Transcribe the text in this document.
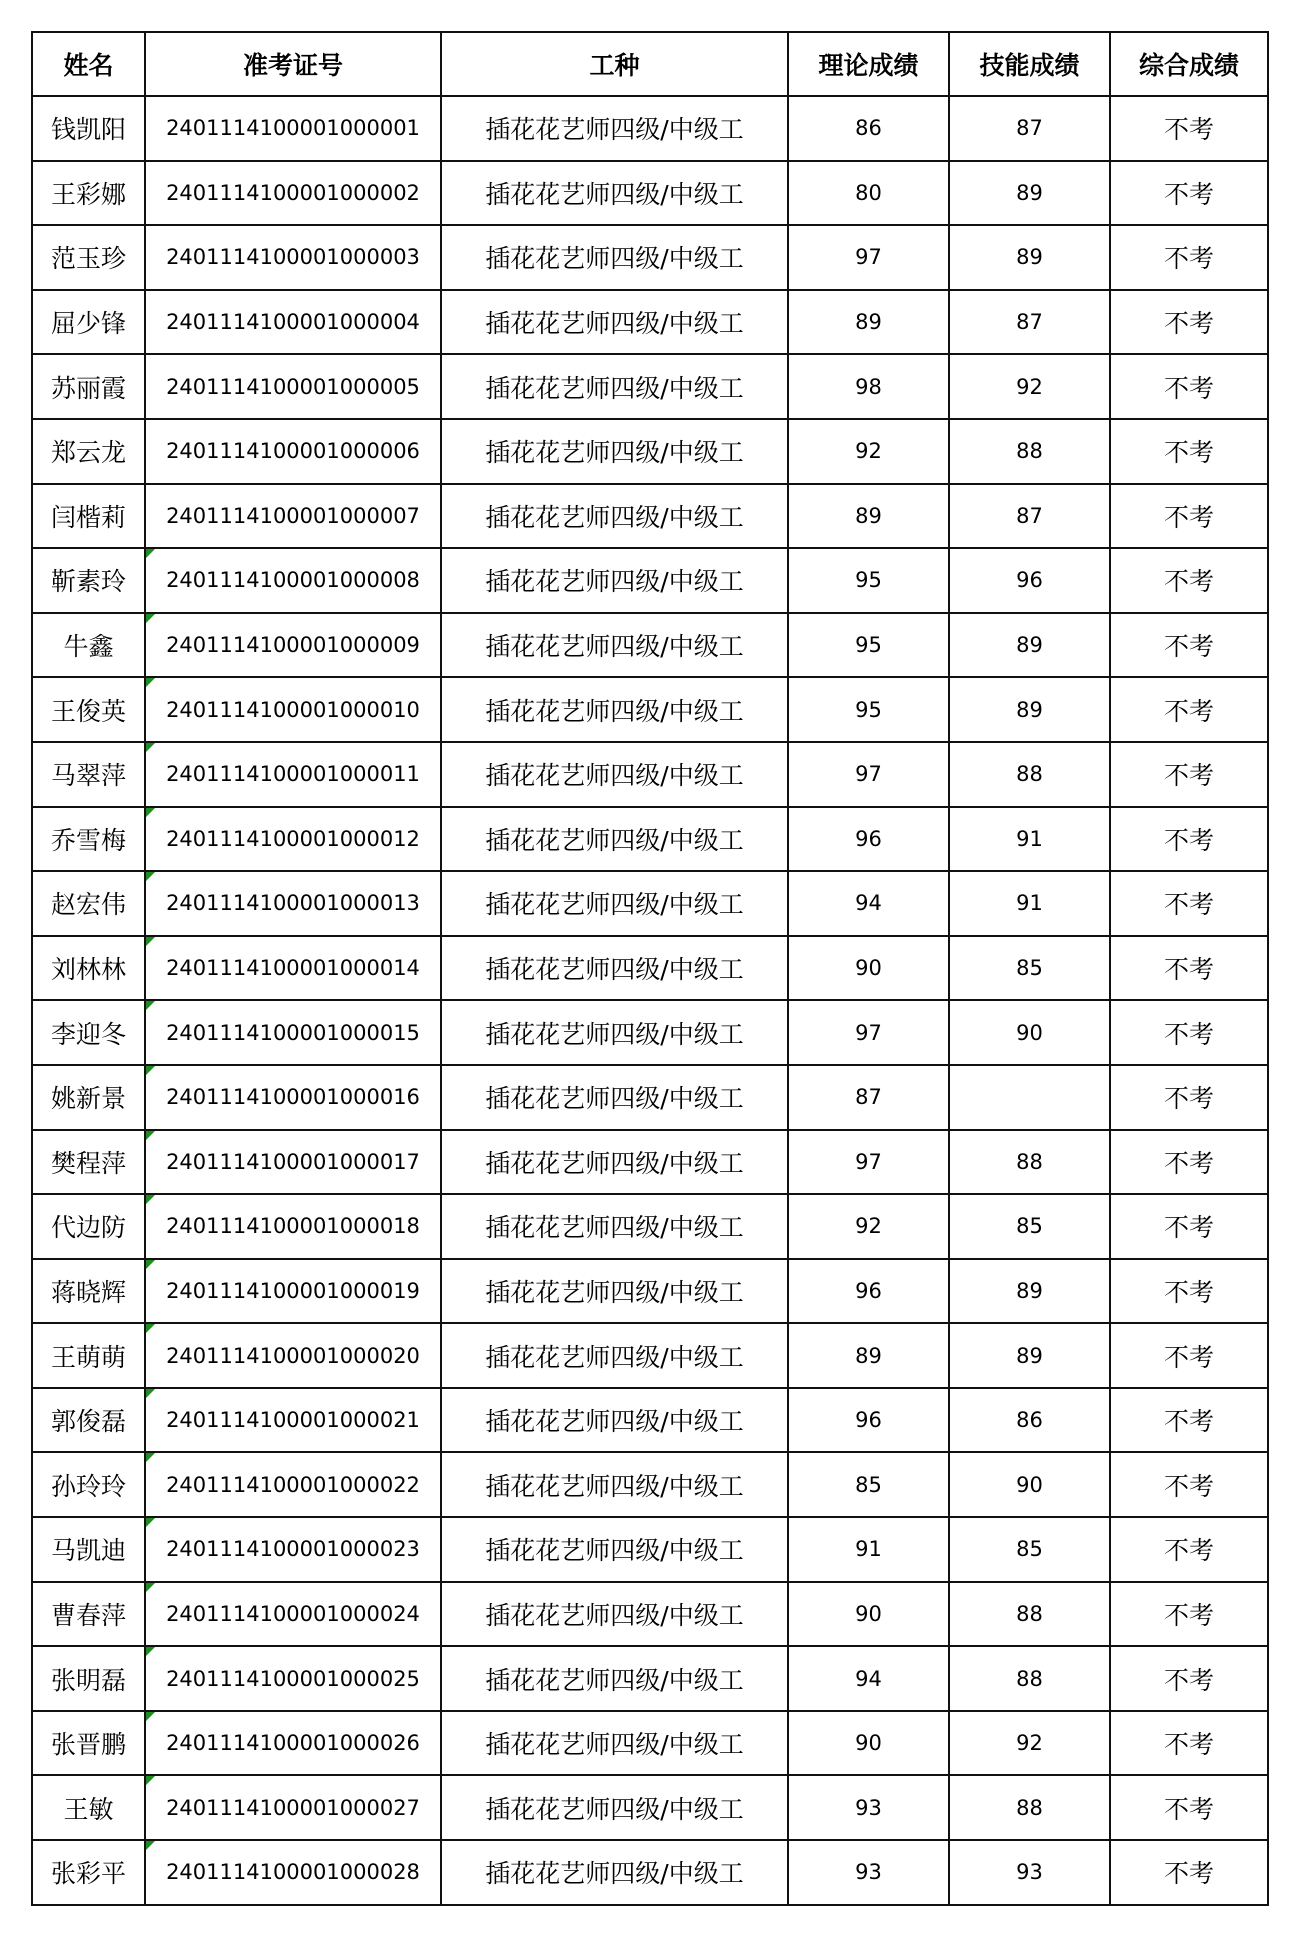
姓名	准考证号	工种	理论成绩	技能成绩	综合成绩
钱凯阳	2401114100001000001	插花花艺师四级/中级工	86	87	不考
王彩娜	2401114100001000002	插花花艺师四级/中级工	80	89	不考
范玉珍	2401114100001000003	插花花艺师四级/中级工	97	89	不考
屈少锋	2401114100001000004	插花花艺师四级/中级工	89	87	不考
苏丽霞	2401114100001000005	插花花艺师四级/中级工	98	92	不考
郑云龙	2401114100001000006	插花花艺师四级/中级工	92	88	不考
闫楷莉	2401114100001000007	插花花艺师四级/中级工	89	87	不考
靳素玲	2401114100001000008	插花花艺师四级/中级工	95	96	不考
牛鑫	2401114100001000009	插花花艺师四级/中级工	95	89	不考
王俊英	2401114100001000010	插花花艺师四级/中级工	95	89	不考
马翠萍	2401114100001000011	插花花艺师四级/中级工	97	88	不考
乔雪梅	2401114100001000012	插花花艺师四级/中级工	96	91	不考
赵宏伟	2401114100001000013	插花花艺师四级/中级工	94	91	不考
刘林林	2401114100001000014	插花花艺师四级/中级工	90	85	不考
李迎冬	2401114100001000015	插花花艺师四级/中级工	97	90	不考
姚新景	2401114100001000016	插花花艺师四级/中级工	87		不考
樊程萍	2401114100001000017	插花花艺师四级/中级工	97	88	不考
代边防	2401114100001000018	插花花艺师四级/中级工	92	85	不考
蒋晓辉	2401114100001000019	插花花艺师四级/中级工	96	89	不考
王萌萌	2401114100001000020	插花花艺师四级/中级工	89	89	不考
郭俊磊	2401114100001000021	插花花艺师四级/中级工	96	86	不考
孙玲玲	2401114100001000022	插花花艺师四级/中级工	85	90	不考
马凯迪	2401114100001000023	插花花艺师四级/中级工	91	85	不考
曹春萍	2401114100001000024	插花花艺师四级/中级工	90	88	不考
张明磊	2401114100001000025	插花花艺师四级/中级工	94	88	不考
张晋鹏	2401114100001000026	插花花艺师四级/中级工	90	92	不考
王敏	2401114100001000027	插花花艺师四级/中级工	93	88	不考
张彩平	2401114100001000028	插花花艺师四级/中级工	93	93	不考
